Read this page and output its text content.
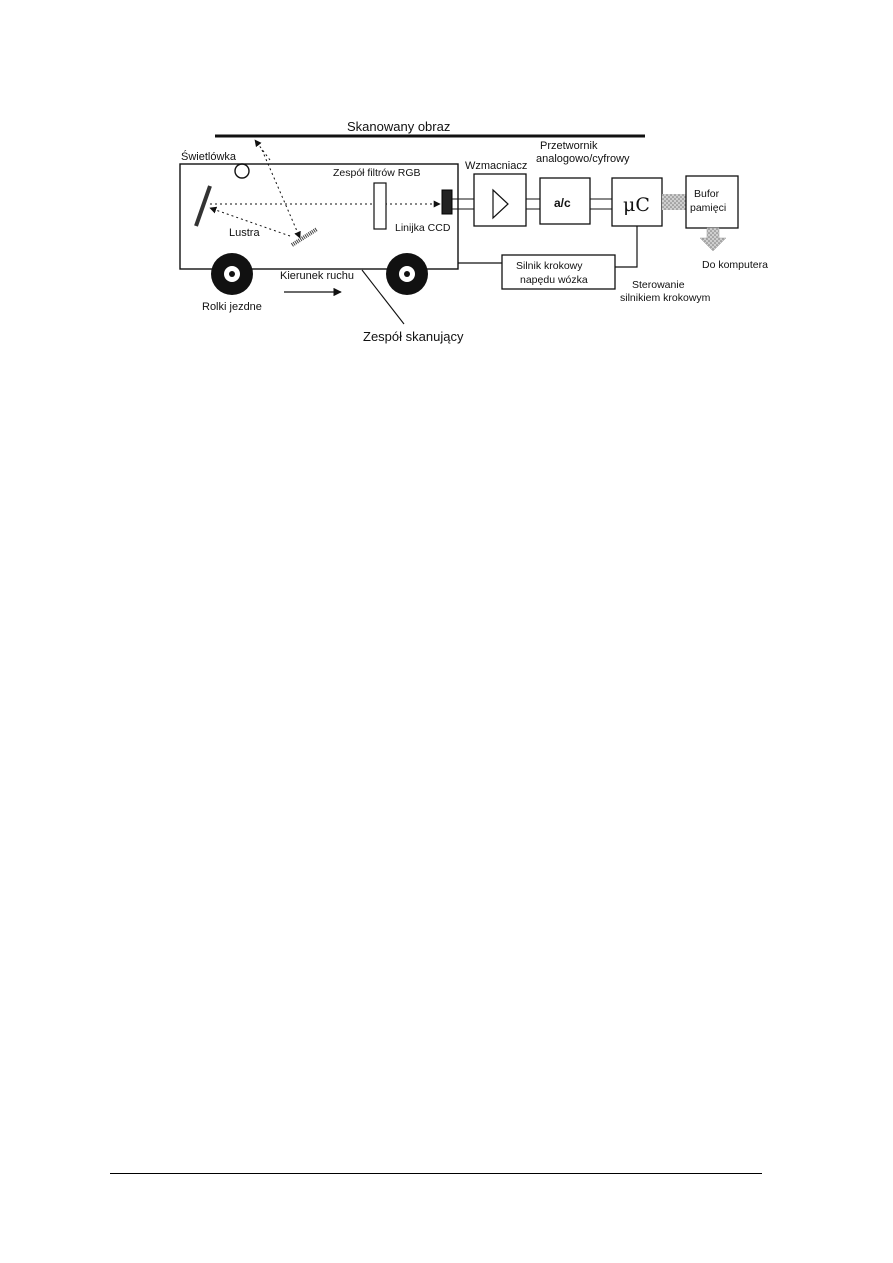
Skanowany obraz
Świetlówka
Lustra
Zespół filtrów RGB
Linijka CCD
Wzmacniacz
a/c
Przetwornik
analogowo/cyfrowy
μC	Bufor
pamięci
Do komputera
Sterowanie
silnikiem krokowym
Silnik krokowy
napędu wózka
Rolki jezdne
Kierunek ruchu
Zespół skanujący
